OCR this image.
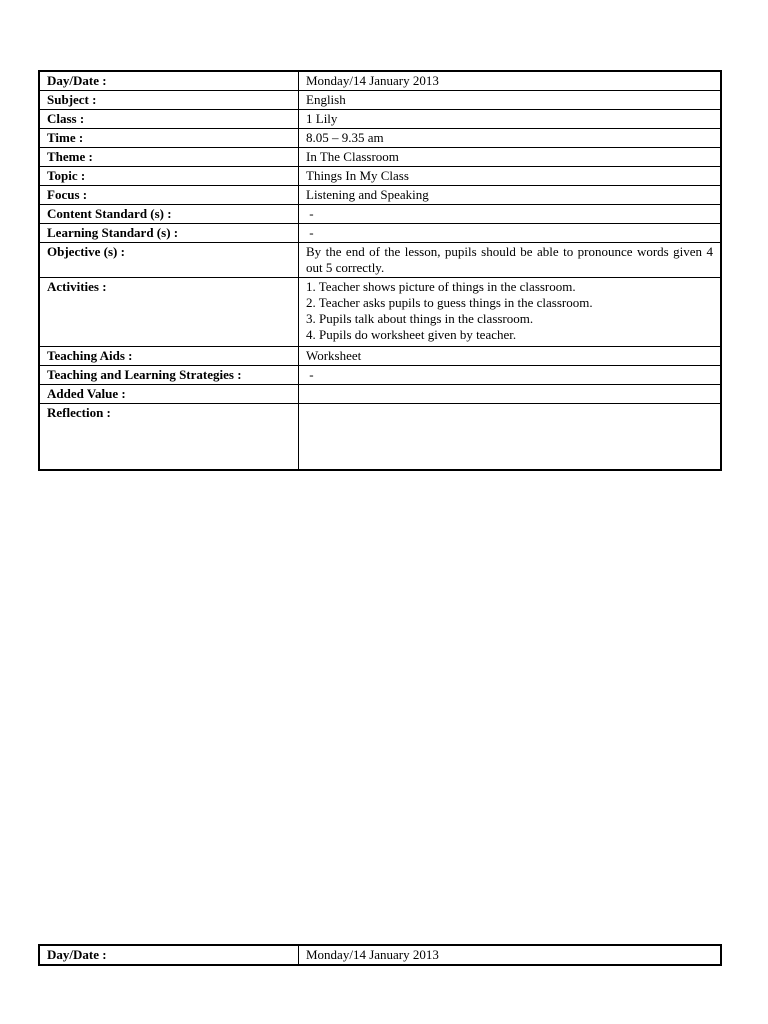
Day/Date :	Monday/14 January 2013
Subject :	English
Class :	1 Lily
Time :	8.05 – 9.35 am
Theme :	In The Classroom
Topic :	Things In My Class
Focus :	Listening and Speaking
Content Standard (s) :	-
Learning Standard (s) :	-
Objective (s) :	By the end of the lesson, pupils should be able to pronounce words given 4 out 5 correctly.
Activities :	1. Teacher shows picture of things in the classroom.
2. Teacher asks pupils to guess things in the classroom.
3. Pupils talk about things in the classroom.
4. Pupils do worksheet given by teacher.

Teaching Aids :	Worksheet
Teaching and Learning Strategies :	-
Added Value :	
Reflection :	
Day/Date :	Monday/14 January 2013
